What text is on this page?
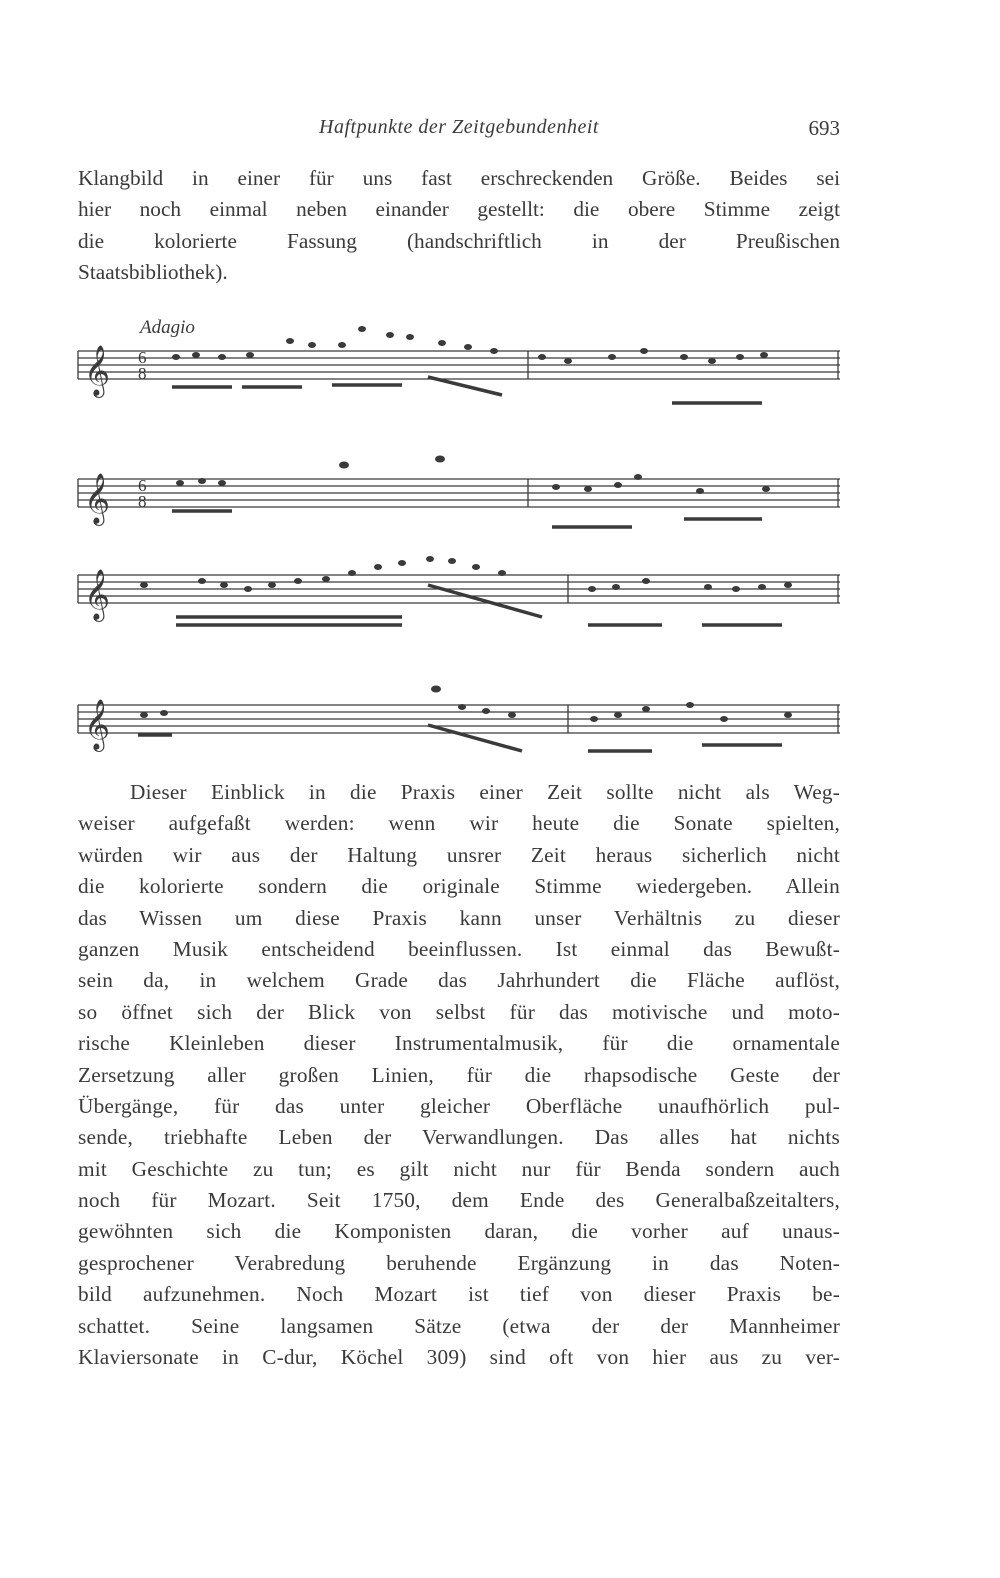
Haftpunkte der Zeitgebundenheit	693
Klangbild in einer für uns fast erschreckenden Größe. Beides sei
hier noch einmal neben einander gestellt: die obere Stimme zeigt
die kolorierte Fassung (handschriftlich in der Preußischen
Staatsbibliothek).
Adagio
𝄞 6
8
𝄞 6
8
𝄞
𝄞
Dieser Einblick in die Praxis einer Zeit sollte nicht als Weg-
weiser aufgefaßt werden: wenn wir heute die Sonate spielten,
würden wir aus der Haltung unsrer Zeit heraus sicherlich nicht
die kolorierte sondern die originale Stimme wiedergeben. Allein
das Wissen um diese Praxis kann unser Verhältnis zu dieser
ganzen Musik entscheidend beeinflussen. Ist einmal das Bewußt-
sein da, in welchem Grade das Jahrhundert die Fläche auflöst,
so öffnet sich der Blick von selbst für das motivische und moto-
rische Kleinleben dieser Instrumentalmusik, für die ornamentale
Zersetzung aller großen Linien, für die rhapsodische Geste der
Übergänge, für das unter gleicher Oberfläche unaufhörlich pul-
sende, triebhafte Leben der Verwandlungen. Das alles hat nichts
mit Geschichte zu tun; es gilt nicht nur für Benda sondern auch
noch für Mozart. Seit 1750, dem Ende des Generalbaßzeitalters,
gewöhnten sich die Komponisten daran, die vorher auf unaus-
gesprochener Verabredung beruhende Ergänzung in das Noten-
bild aufzunehmen. Noch Mozart ist tief von dieser Praxis be-
schattet. Seine langsamen Sätze (etwa der der Mannheimer
Klaviersonate in C-dur, Köchel 309) sind oft von hier aus zu ver-
